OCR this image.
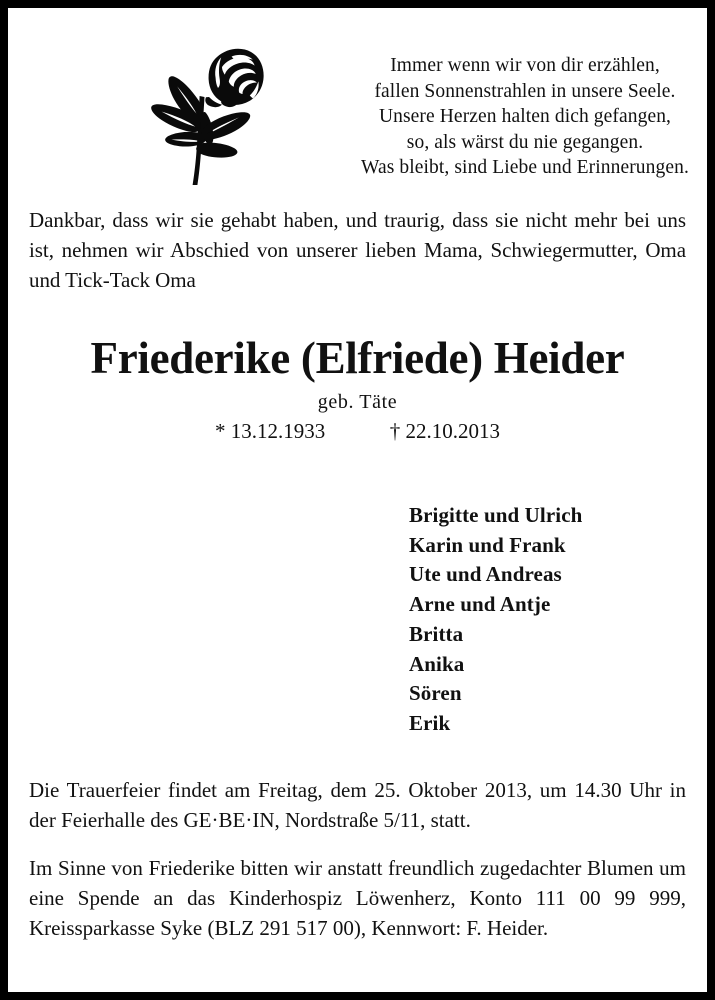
Immer wenn wir von dir erzählen,
fallen Sonnenstrahlen in unsere Seele.
Unsere Herzen halten dich gefangen,
so, als wärst du nie gegangen.
Was bleibt, sind Liebe und Erinnerungen.

Dankbar, dass wir sie gehabt haben, und traurig, dass sie nicht mehr bei uns ist, nehmen wir Abschied von unserer lieben Mama, Schwiegermutter, Oma und Tick-Tack Oma

Friederike (Elfriede) Heider
geb. Täte
* 13.12.1933	† 22.10.2013
Brigitte und Ulrich
Karin und Frank
Ute und Andreas
Arne und Antje
Britta
Anika
Sören
Erik

Die Trauerfeier findet am Freitag, dem 25. Oktober 2013, um 14.30 Uhr in der Feierhalle des GE·BE·IN, Nordstraße 5/11, statt.

Im Sinne von Friederike bitten wir anstatt freundlich zugedachter Blumen um eine Spende an das Kinderhospiz Löwenherz, Konto 111 00 99 999, Kreissparkasse Syke (BLZ 291 517 00), Kennwort: F. Heider.
